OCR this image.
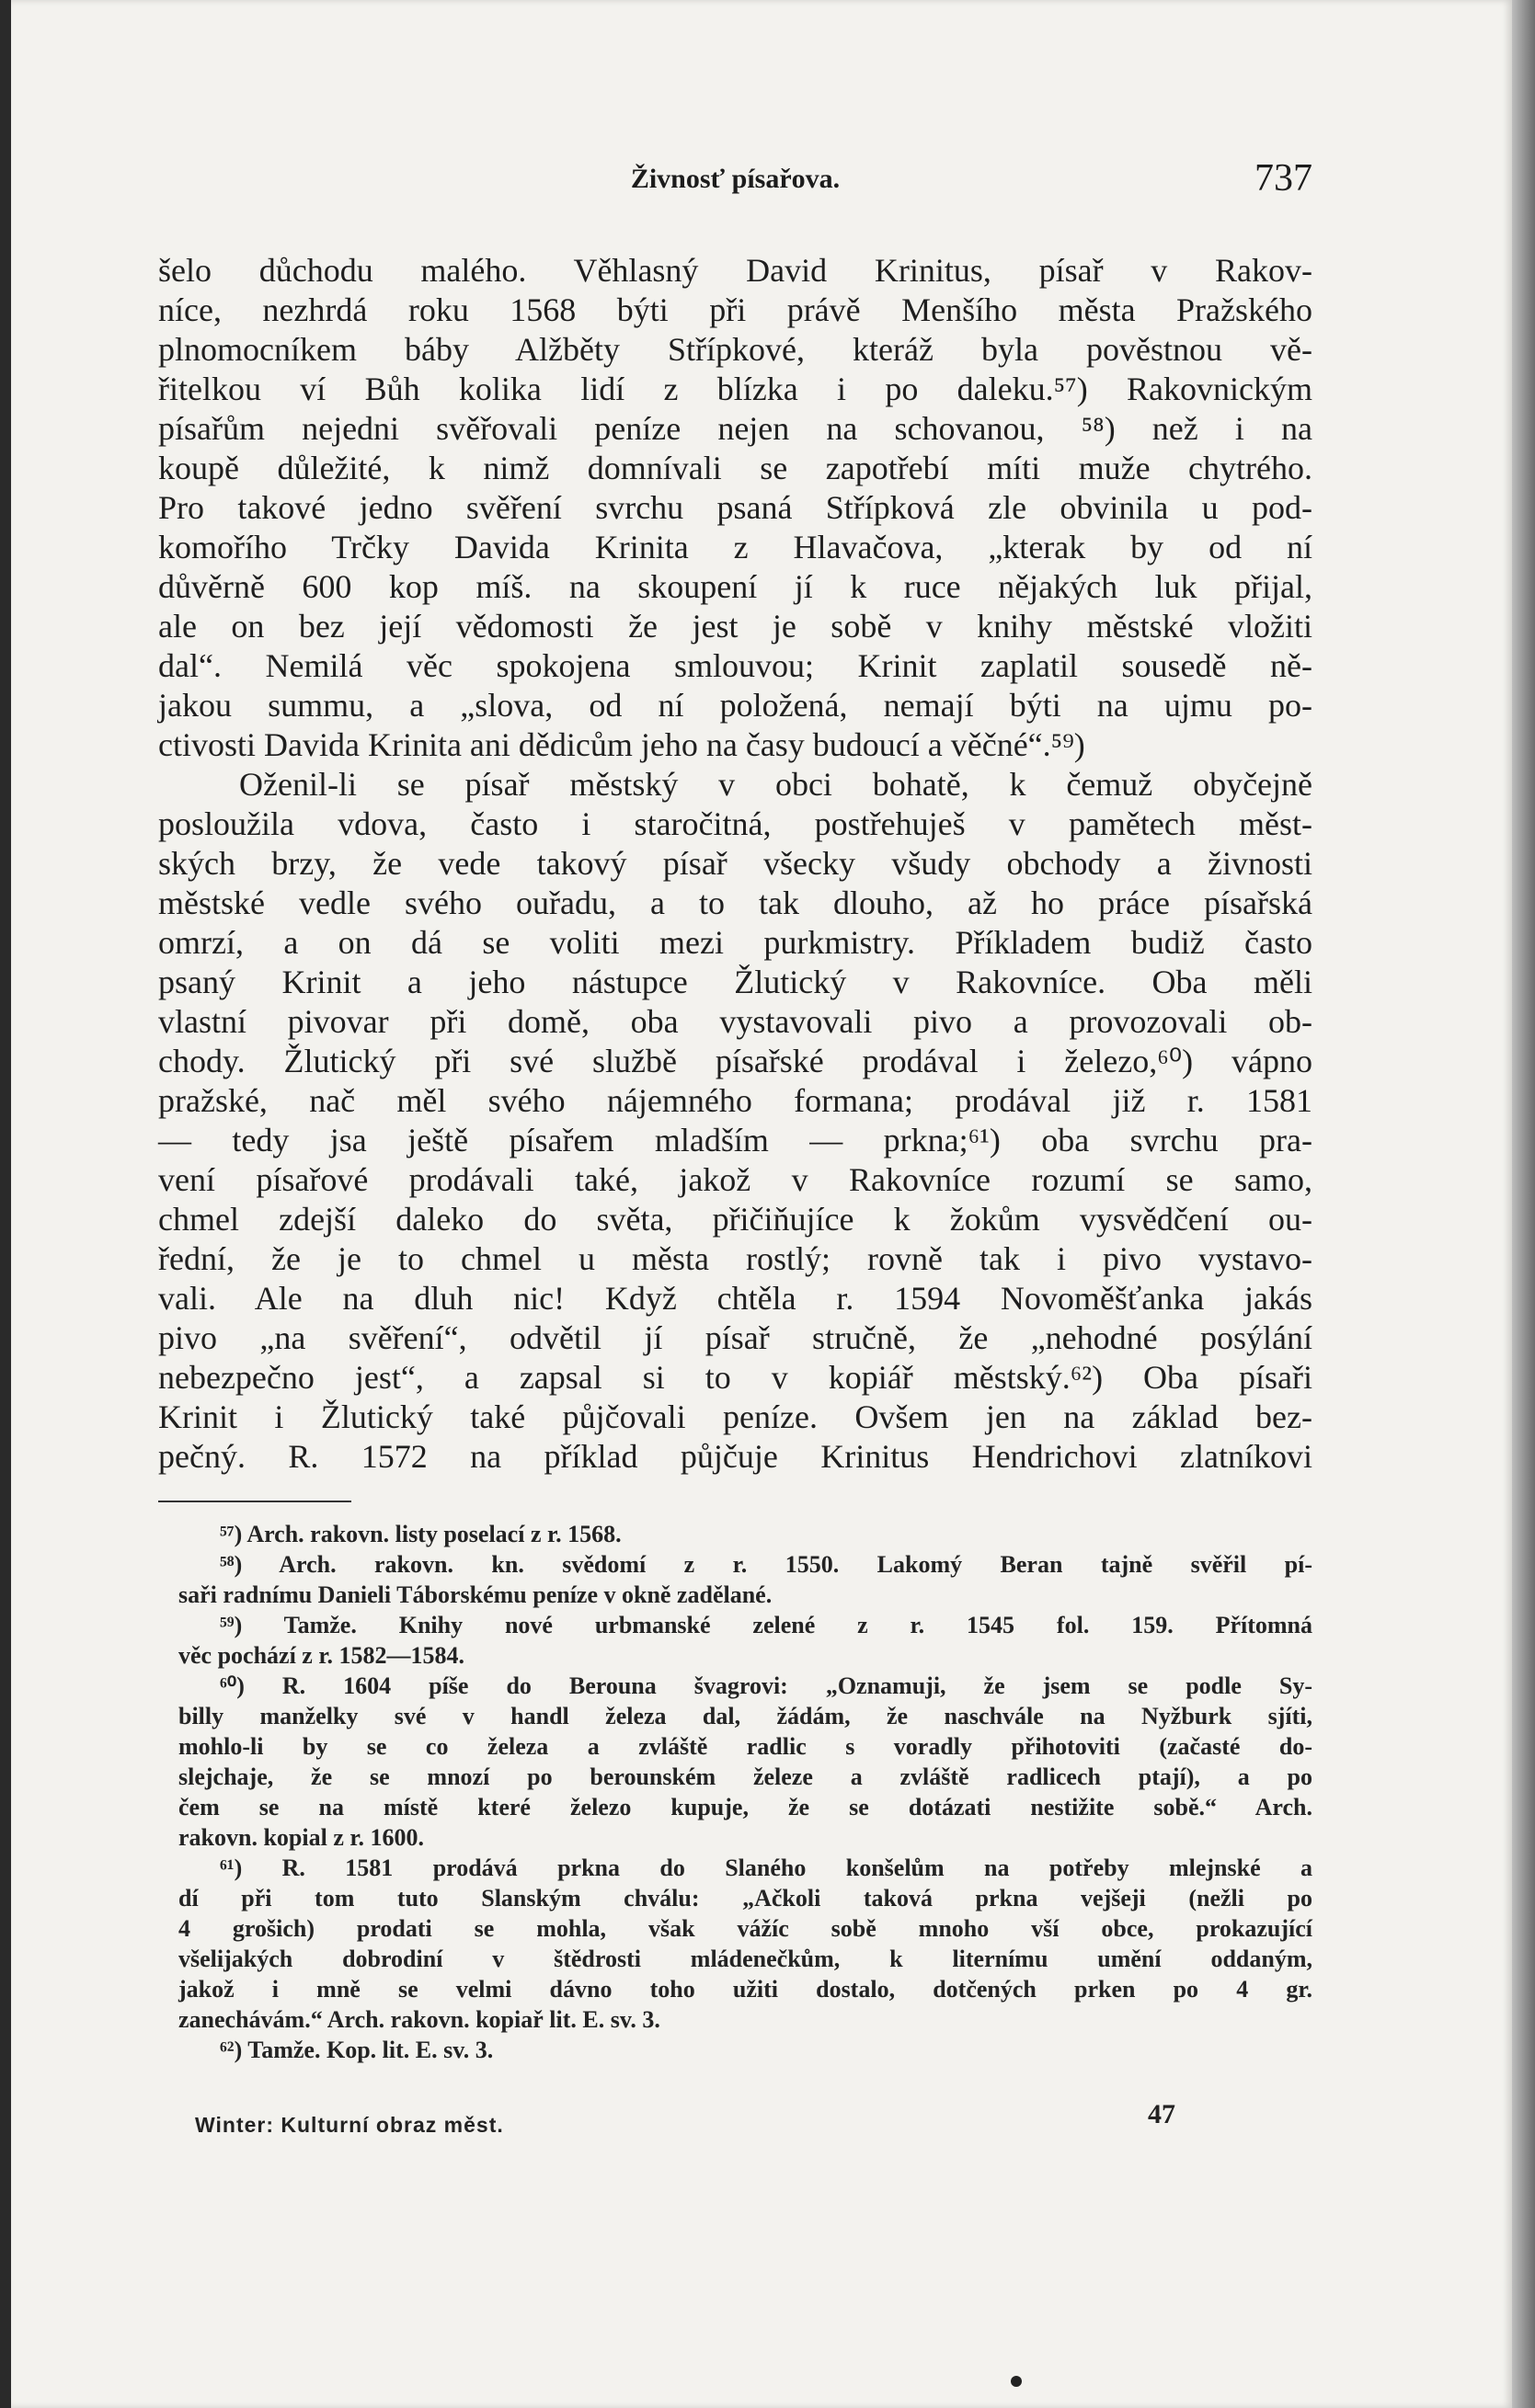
Živnosť písařova.	737
šelo důchodu malého. Věhlasný David Krinitus, písař v Rakov-
níce, nezhrdá roku 1568 býti při právě Menšího města Pražského
plnomocníkem báby Alžběty Střípkové, kteráž byla pověstnou vě-
řitelkou ví Bůh kolika lidí z blízka i po daleku.⁵⁷) Rakovnickým
písařům nejedni svěřovali peníze nejen na schovanou, ⁵⁸) než i na
koupě důležité, k nimž domnívali se zapotřebí míti muže chytrého.
Pro takové jedno svěření svrchu psaná Střípková zle obvinila u pod-
komořího Trčky Davida Krinita z Hlavačova, „kterak by od ní
důvěrně 600 kop míš. na skoupení jí k ruce nějakých luk přijal,
ale on bez její vědomosti že jest je sobě v knihy městské vložiti
dal“. Nemilá věc spokojena smlouvou; Krinit zaplatil sousedě ně-
jakou summu, a „slova, od ní položená, nemají býti na ujmu po-
ctivosti Davida Krinita ani dědicům jeho na časy budoucí a věčné“.⁵⁹)
Oženil-li se písař městský v obci bohatě, k čemuž obyčejně
posloužila vdova, často i staročitná, postřehuješ v pamětech měst-
ských brzy, že vede takový písař všecky všudy obchody a živnosti
městské vedle svého ouřadu, a to tak dlouho, až ho práce písařská
omrzí, a on dá se voliti mezi purkmistry. Příkladem budiž často
psaný Krinit a jeho nástupce Žlutický v Rakovníce. Oba měli
vlastní pivovar při domě, oba vystavovali pivo a provozovali ob-
chody. Žlutický při své službě písařské prodával i železo,⁶⁰) vápno
pražské, nač měl svého nájemného formana; prodával již r. 1581
— tedy jsa ještě písařem mladším — prkna;⁶¹) oba svrchu pra-
vení písařové prodávali také, jakož v Rakovníce rozumí se samo,
chmel zdejší daleko do světa, přičiňujíce k žokům vysvědčení ou-
řední, že je to chmel u města rostlý; rovně tak i pivo vystavo-
vali. Ale na dluh nic! Když chtěla r. 1594 Novoměšťanka jakás
pivo „na svěření“, odvětil jí písař stručně, že „nehodné posýlání
nebezpečno jest“, a zapsal si to v kopiář městský.⁶²) Oba písaři
Krinit i Žlutický také půjčovali peníze. Ovšem jen na základ bez-
pečný. R. 1572 na příklad půjčuje Krinitus Hendrichovi zlatníkovi
⁵⁷) Arch. rakovn. listy poselací z r. 1568.
⁵⁸) Arch. rakovn. kn. svědomí z r. 1550. Lakomý Beran tajně svěřil pí-
saři radnímu Danieli Táborskému peníze v okně zadělané.
⁵⁹) Tamže. Knihy nové urbmanské zelené z r. 1545 fol. 159. Přítomná
věc pochází z r. 1582—1584.
⁶⁰) R. 1604 píše do Berouna švagrovi: „Oznamuji, že jsem se podle Sy-
billy manželky své v handl železa dal, žádám, že naschvále na Nyžburk sjíti,
mohlo-li by se co železa a zvláště radlic s voradly přihotoviti (začasté do-
slejchaje, že se mnozí po berounském železe a zvláště radlicech ptají), a po
čem se na místě které železo kupuje, že se dotázati nestižite sobě.“ Arch.
rakovn. kopial z r. 1600.
⁶¹) R. 1581 prodává prkna do Slaného konšelům na potřeby mlejnské a
dí při tom tuto Slanským chválu: „Ačkoli taková prkna vejšeji (nežli po
4 grošich) prodati se mohla, však vážíc sobě mnoho vší obce, prokazující
všelijakých dobrodiní v štědrosti mládenečkům, k liternímu umění oddaným,
jakož i mně se velmi dávno toho užiti dostalo, dotčených prken po 4 gr.
zanechávám.“ Arch. rakovn. kopiař lit. E. sv. 3.
⁶²) Tamže. Kop. lit. E. sv. 3.
Winter: Kulturní obraz měst.	47
